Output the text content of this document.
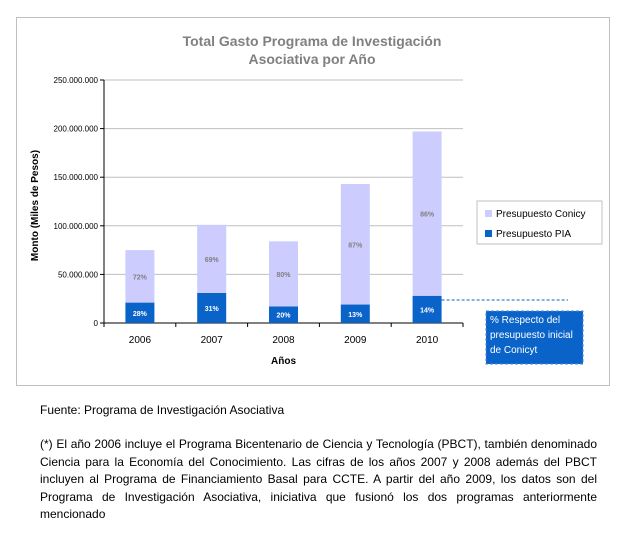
Total Gasto Programa de Investigación
Asociativa por Año
0
50.000.000
100.000.000
150.000.000
200.000.000
250.000.000
Monto (Miles de Pesos)
28%
72%
2006
31%
69%
2007
20%
80%
2008
13%
87%
2009
14%
86%
2010
Años
Presupuesto Conicy
Presupuesto PIA
% Respecto del
presupuesto inicial
de Conicyt
Fuente: Programa de Investigación Asociativa
(*) El año 2006 incluye el Programa Bicentenario de Ciencia y Tecnología (PBCT), también denominado Ciencia para la Economía del Conocimiento. Las cifras de los años 2007 y 2008 además del PBCT incluyen al Programa de Financiamiento Basal para CCTE. A partir del año 2009, los datos son del Programa de Investigación Asociativa, iniciativa que fusionó los dos programas anteriormente mencionado
